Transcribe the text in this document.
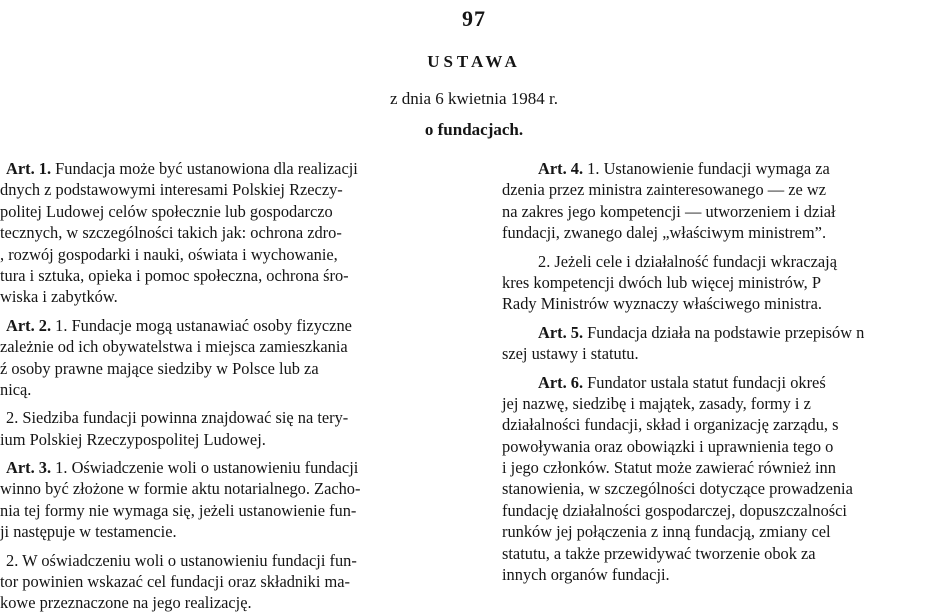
97
USTAWA
z dnia 6 kwietnia 1984 r.
o fundacjach.
Art. 1. Fundacja może być ustanowiona dla realizacji
dnych z podstawowymi interesami Polskiej Rzeczy-
politej Ludowej celów społecznie lub gospodarczo
tecznych, w szczególności takich jak: ochrona zdro-
, rozwój gospodarki i nauki, oświata i wychowanie,
tura i sztuka, opieka i pomoc społeczna, ochrona śro-
wiska i zabytków.
Art. 2. 1. Fundacje mogą ustanawiać osoby fizyczne
zależnie od ich obywatelstwa i miejsca zamieszkania
ź osoby prawne mające siedziby w Polsce lub za
nicą.
2. Siedziba fundacji powinna znajdować się na tery-
ium Polskiej Rzeczypospolitej Ludowej.
Art. 3. 1. Oświadczenie woli o ustanowieniu fundacji
winno być złożone w formie aktu notarialnego. Zacho-
nia tej formy nie wymaga się, jeżeli ustanowienie fun-
ji następuje w testamencie.
2. W oświadczeniu woli o ustanowieniu fundacji fun-
tor powinien wskazać cel fundacji oraz składniki ma-
kowe przeznaczone na jego realizację.
Art. 4. 1. Ustanowienie fundacji wymaga za
dzenia przez ministra zainteresowanego — ze wz
na zakres jego kompetencji — utworzeniem i dział
fundacji, zwanego dalej „właściwym ministrem”.
2. Jeżeli cele i działalność fundacji wkraczają
kres kompetencji dwóch lub więcej ministrów, P
Rady Ministrów wyznaczy właściwego ministra.
Art. 5. Fundacja działa na podstawie przepisów n
szej ustawy i statutu.
Art. 6. Fundator ustala statut fundacji okreś
jej nazwę, siedzibę i majątek, zasady, formy i z
działalności fundacji, skład i organizację zarządu, s
powoływania oraz obowiązki i uprawnienia tego o
i jego członków. Statut może zawierać również inn
stanowienia, w szczególności dotyczące prowadzenia
fundację działalności gospodarczej, dopuszczalności
runków jej połączenia z inną fundacją, zmiany cel
statutu, a także przewidywać tworzenie obok za
innych organów fundacji.
